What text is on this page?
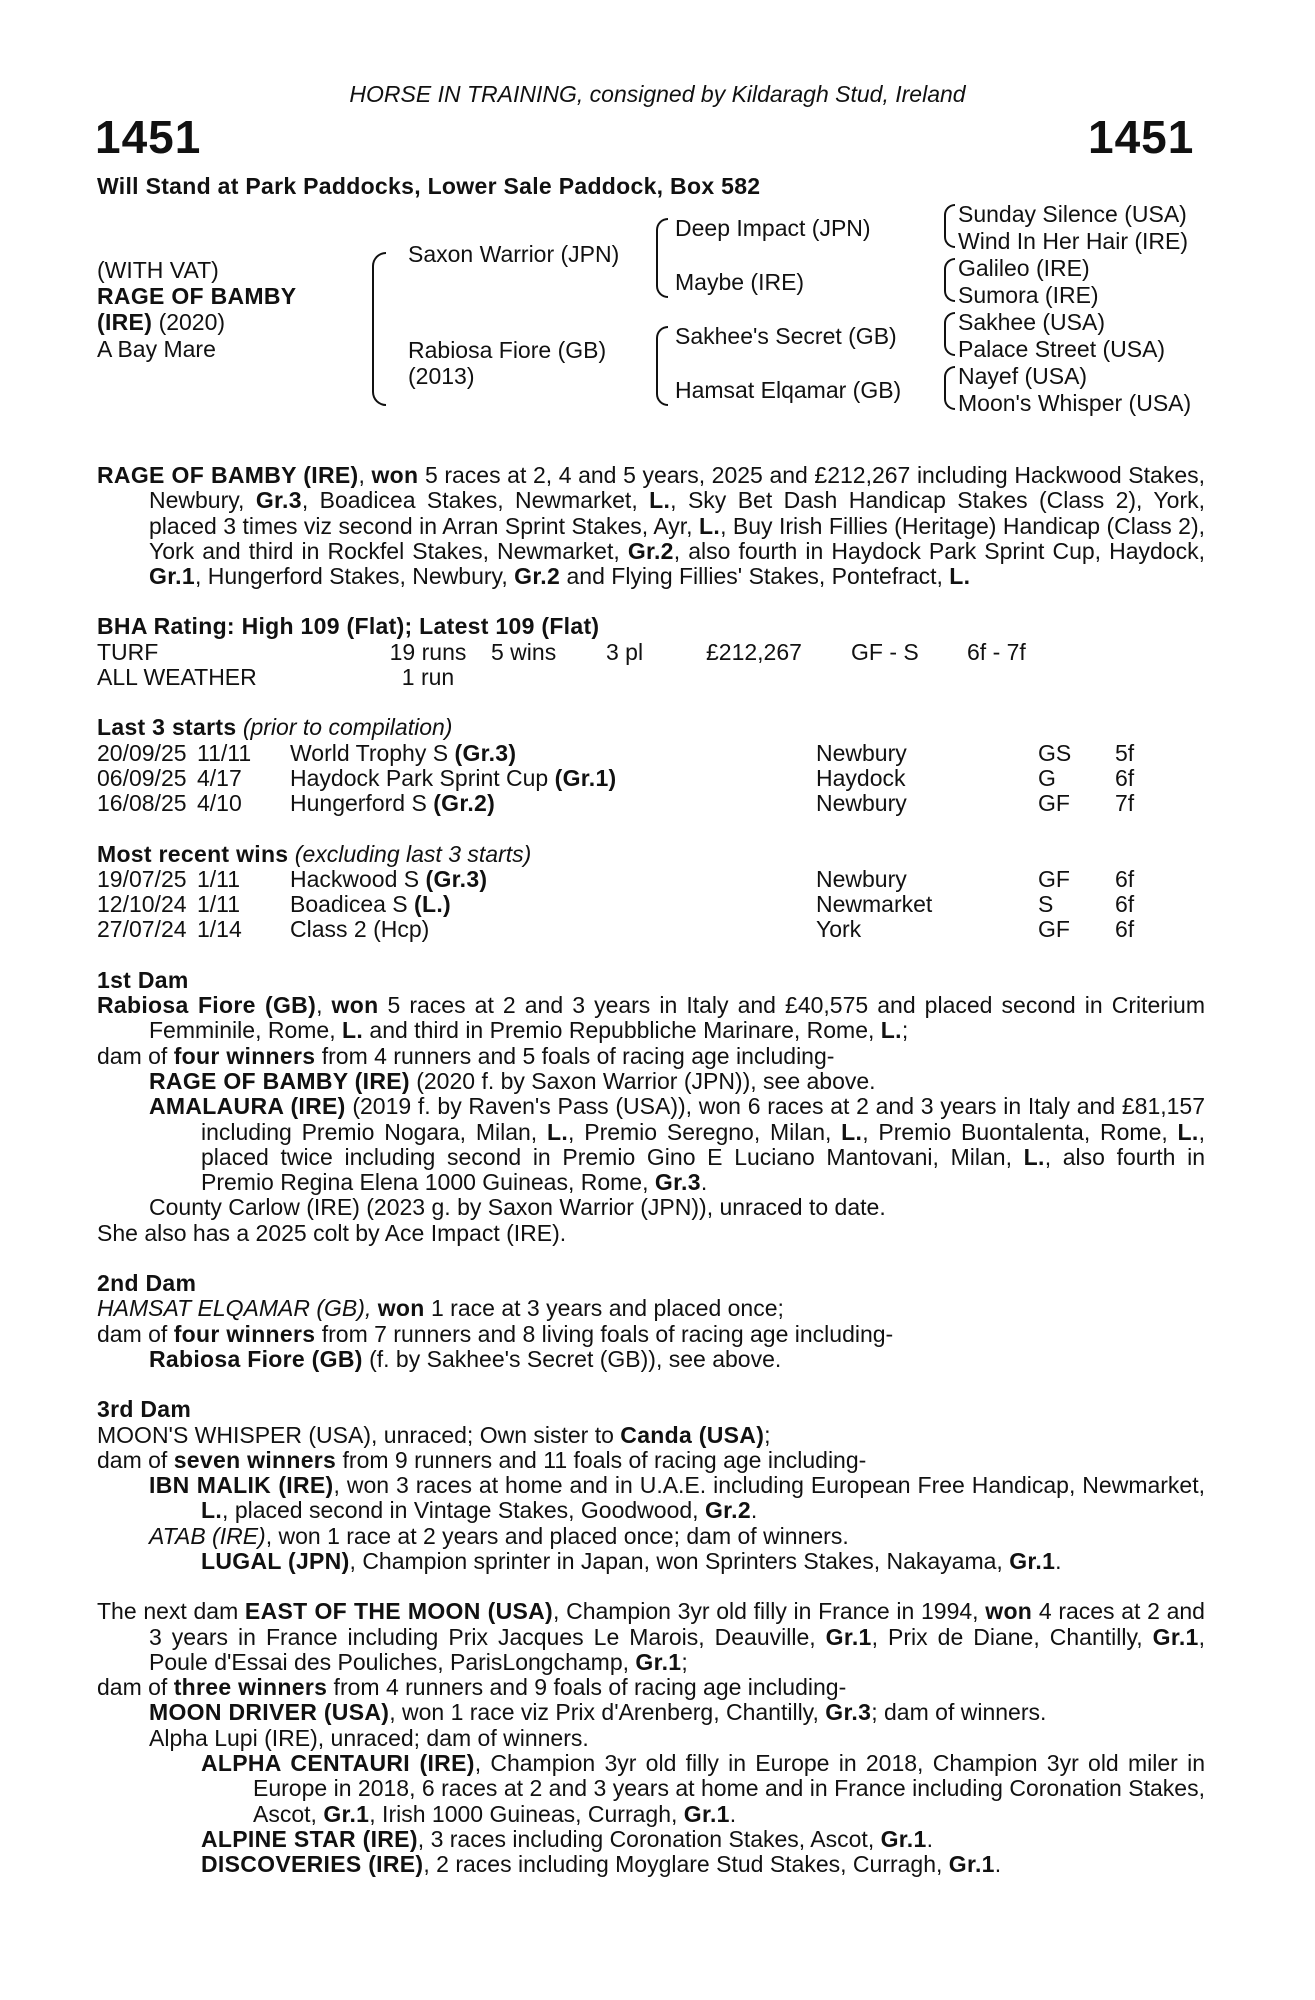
HORSE IN TRAINING, consigned by Kildaragh Stud, Ireland
1451	1451
Will Stand at Park Paddocks, Lower Sale Paddock, Box 582
(WITH VAT)
RAGE OF BAMBY
(IRE) (2020)
A Bay Mare
Saxon Warrior (JPN)
Rabiosa Fiore (GB)
(2013)
Deep Impact (JPN)
Maybe (IRE)
Sakhee's Secret (GB)
Hamsat Elqamar (GB)
Sunday Silence (USA)
Wind In Her Hair (IRE)
Galileo (IRE)
Sumora (IRE)
Sakhee (USA)
Palace Street (USA)
Nayef (USA)
Moon's Whisper (USA)
RAGE OF BAMBY (IRE), won 5 races at 2, 4 and 5 years, 2025 and £212,267 including Hackwood Stakes, Newbury, Gr.3, Boadicea Stakes, Newmarket, L., Sky Bet Dash Handicap Stakes (Class 2), York, placed 3 times viz second in Arran Sprint Stakes, Ayr, L., Buy Irish Fillies (Heritage) Handicap (Class 2), York and third in Rockfel Stakes, Newmarket, Gr.2, also fourth in Haydock Park Sprint Cup, Haydock, Gr.1, Hungerford Stakes, Newbury, Gr.2 and Flying Fillies' Stakes, Pontefract, L.
BHA Rating: High 109 (Flat); Latest 109 (Flat)
TURF	19 runs	5 wins	3 pl	£212,267	GF - S	6f - 7f
ALL WEATHER	1 run					
Last 3 starts (prior to compilation)
20/09/25	11/11	World Trophy S (Gr.3)	Newbury	GS	5f
06/09/25	4/17	Haydock Park Sprint Cup (Gr.1)	Haydock	G	6f
16/08/25	4/10	Hungerford S (Gr.2)	Newbury	GF	7f
Most recent wins (excluding last 3 starts)
19/07/25	1/11	Hackwood S (Gr.3)	Newbury	GF	6f
12/10/24	1/11	Boadicea S (L.)	Newmarket	S	6f
27/07/24	1/14	Class 2 (Hcp)	York	GF	6f
1st Dam
Rabiosa Fiore (GB), won 5 races at 2 and 3 years in Italy and £40,575 and placed second in Criterium Femminile, Rome, L. and third in Premio Repubbliche Marinare, Rome, L.;
dam of four winners from 4 runners and 5 foals of racing age including-
RAGE OF BAMBY (IRE) (2020 f. by Saxon Warrior (JPN)), see above.
AMALAURA (IRE) (2019 f. by Raven's Pass (USA)), won 6 races at 2 and 3 years in Italy and £81,157 including Premio Nogara, Milan, L., Premio Seregno, Milan, L., Premio Buontalenta, Rome, L., placed twice including second in Premio Gino E Luciano Mantovani, Milan, L., also fourth in Premio Regina Elena 1000 Guineas, Rome, Gr.3.
County Carlow (IRE) (2023 g. by Saxon Warrior (JPN)), unraced to date.
She also has a 2025 colt by Ace Impact (IRE).
2nd Dam
HAMSAT ELQAMAR (GB), won 1 race at 3 years and placed once;
dam of four winners from 7 runners and 8 living foals of racing age including-
Rabiosa Fiore (GB) (f. by Sakhee's Secret (GB)), see above.
3rd Dam
MOON'S WHISPER (USA), unraced; Own sister to Canda (USA);
dam of seven winners from 9 runners and 11 foals of racing age including-
IBN MALIK (IRE), won 3 races at home and in U.A.E. including European Free Handicap, Newmarket, L., placed second in Vintage Stakes, Goodwood, Gr.2.
ATAB (IRE), won 1 race at 2 years and placed once; dam of winners.
LUGAL (JPN), Champion sprinter in Japan, won Sprinters Stakes, Nakayama, Gr.1.
The next dam EAST OF THE MOON (USA), Champion 3yr old filly in France in 1994, won 4 races at 2 and 3 years in France including Prix Jacques Le Marois, Deauville, Gr.1, Prix de Diane, Chantilly, Gr.1, Poule d'Essai des Pouliches, ParisLongchamp, Gr.1;
dam of three winners from 4 runners and 9 foals of racing age including-
MOON DRIVER (USA), won 1 race viz Prix d'Arenberg, Chantilly, Gr.3; dam of winners.
Alpha Lupi (IRE), unraced; dam of winners.
ALPHA CENTAURI (IRE), Champion 3yr old filly in Europe in 2018, Champion 3yr old miler in Europe in 2018, 6 races at 2 and 3 years at home and in France including Coronation Stakes, Ascot, Gr.1, Irish 1000 Guineas, Curragh, Gr.1.
ALPINE STAR (IRE), 3 races including Coronation Stakes, Ascot, Gr.1.
DISCOVERIES (IRE), 2 races including Moyglare Stud Stakes, Curragh, Gr.1.
